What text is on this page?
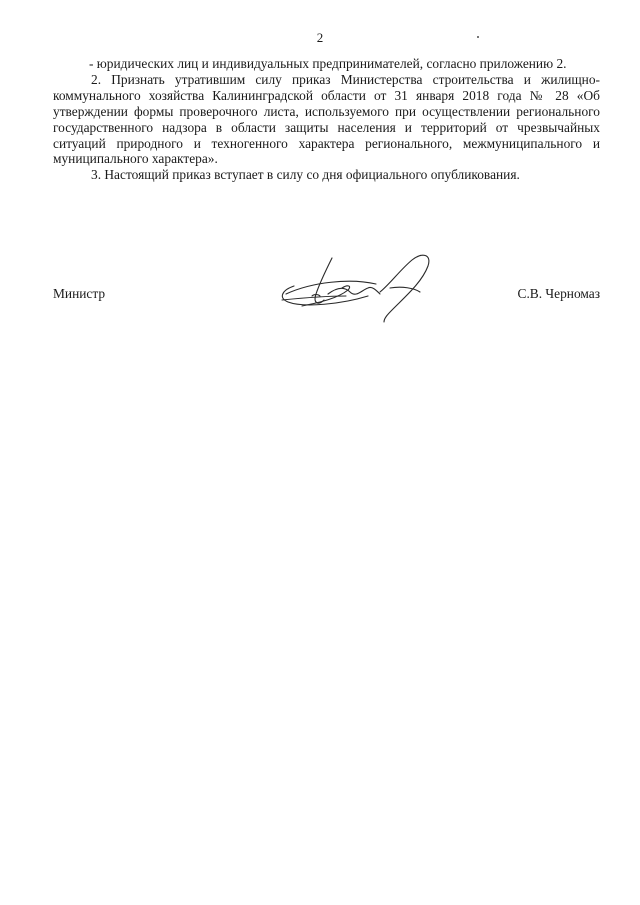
2

- юридических лиц и индивидуальных предпринимателей, согласно приложению 2.

2. Признать утратившим силу приказ Министерства строительства и жилищно-коммунального хозяйства Калининградской области от 31 января 2018 года № 28 «Об утверждении формы проверочного листа, используемого при осуществлении регионального государственного надзора в области защиты населения и территорий от чрезвычайных ситуаций природного и техногенного характера регионального, межмуниципального и муниципального характера».

3. Настоящий приказ вступает в силу со дня официального опубликования.

Министр	С.В. Черномаз
